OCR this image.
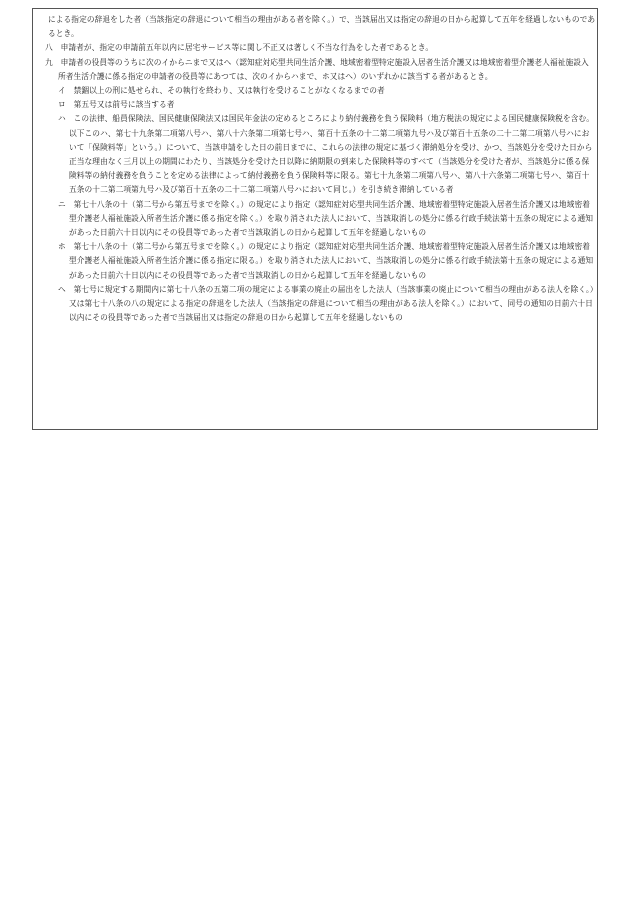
による指定の辞退をした者（当該指定の辞退について相当の理由がある者を除く。）で、当該届出又は指定の辞退の日から起算して五年を経過しないものであるとき。

八　 申請者が、指定の申請前五年以内に居宅サービス等に関し不正又は著しく不当な行為をした者であるとき。

九　 申請者の役員等のうちに次のイからニまで又はヘ（認知症対応型共同生活介護、地域密着型特定施設入居者生活介護又は地域密着型介護老人福祉施設入所者生活介護に係る指定の申請者の役員等にあつては、次のイからハまで、ホ又はヘ）のいずれかに該当する者があるとき。

イ　 禁錮以上の刑に処せられ、その執行を終わり、又は執行を受けることがなくなるまでの者

ロ　 第五号又は前号に該当する者

ハ　 この法律、船員保険法、国民健康保険法又は国民年金法の定めるところにより納付義務を負う保険料（地方税法の規定による国民健康保険税を含む。以下このハ、第七十九条第二項第八号ハ、第八十六条第二項第七号ハ、第百十五条の十二第二項第九号ハ及び第百十五条の二十二第二項第八号ハにおいて「保険料等」という。）について、当該申請をした日の前日までに、これらの法律の規定に基づく滞納処分を受け、かつ、当該処分を受けた日から正当な理由なく三月以上の期間にわたり、当該処分を受けた日以降に納期限の到来した保険料等のすべて（当該処分を受けた者が、当該処分に係る保険料等の納付義務を負うことを定める法律によって納付義務を負う保険料等に限る。第七十九条第二項第八号ハ、第八十六条第二項第七号ハ、第百十五条の十二第二項第九号ハ及び第百十五条の二十二第二項第八号ハにおいて同じ。）を引き続き滞納している者

ニ　 第七十八条の十（第二号から第五号までを除く。）の規定により指定（認知症対応型共同生活介護、地域密着型特定施設入居者生活介護又は地域密着型介護老人福祉施設入所者生活介護に係る指定を除く。）を取り消された法人において、当該取消しの処分に係る行政手続法第十五条の規定による通知があった日前六十日以内にその役員等であった者で当該取消しの日から起算して五年を経過しないもの

ホ　 第七十八条の十（第二号から第五号までを除く。）の規定により指定（認知症対応型共同生活介護、地域密着型特定施設入居者生活介護又は地域密着型介護老人福祉施設入所者生活介護に係る指定に限る。）を取り消された法人において、当該取消しの処分に係る行政手続法第十五条の規定による通知があった日前六十日以内にその役員等であった者で当該取消しの日から起算して五年を経過しないもの

ヘ　 第七号に規定する期間内に第七十八条の五第二項の規定による事業の廃止の届出をした法人（当該事業の廃止について相当の理由がある法人を除く。）又は第七十八条の八の規定による指定の辞退をした法人（当該指定の辞退について相当の理由がある法人を除く。）において、同号の通知の日前六十日以内にその役員等であった者で当該届出又は指定の辞退の日から起算して五年を経過しないもの
